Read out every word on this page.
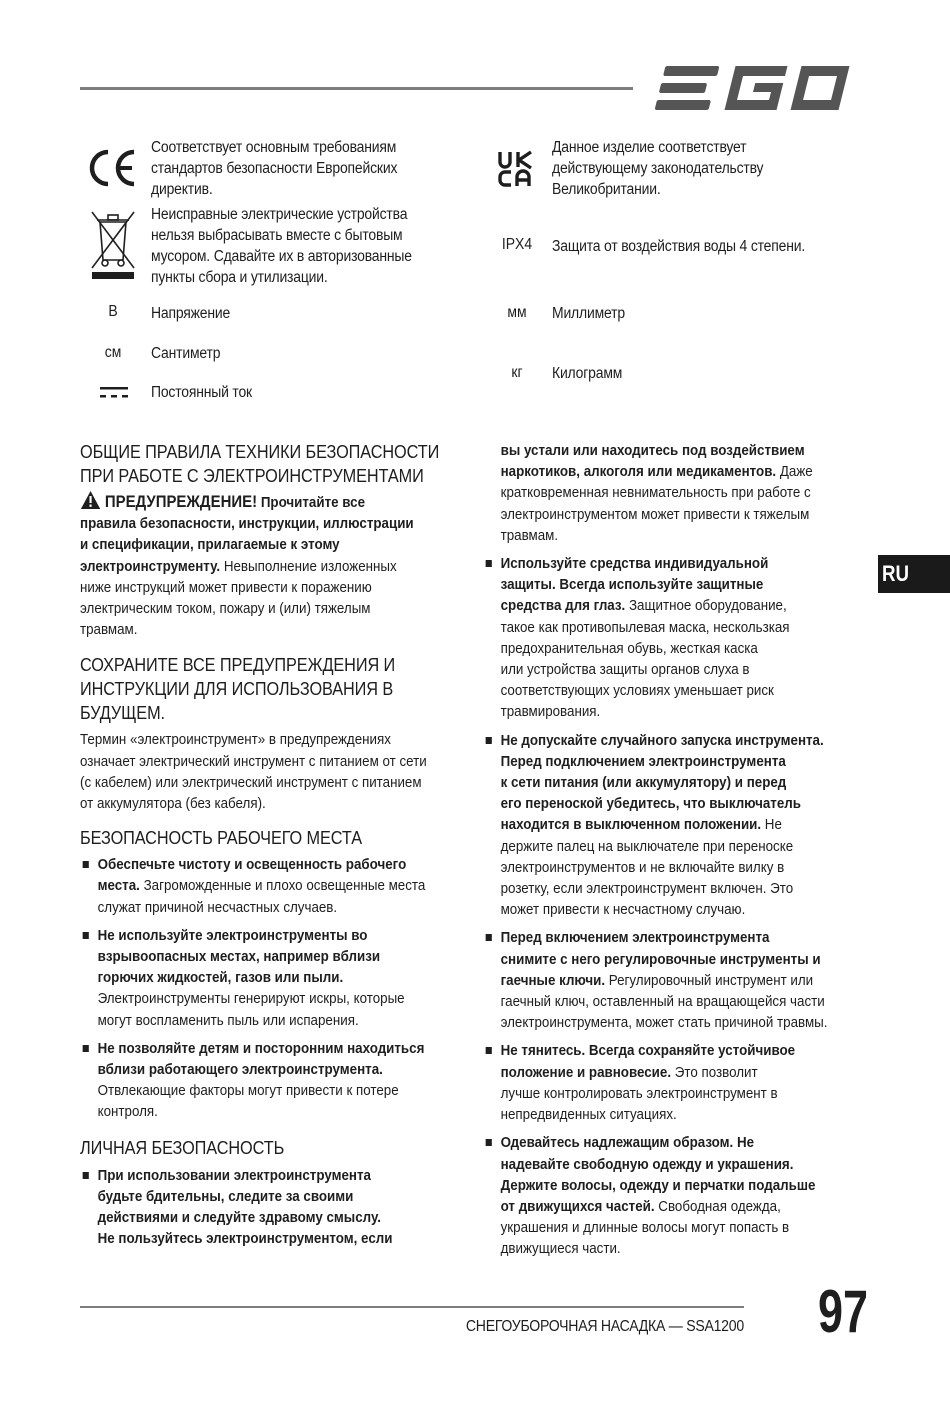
Соответствует основным требованиям
стандартов безопасности Европейских
директив.
Неисправные электрические устройства
нельзя выбрасывать вместе с бытовым
мусором. Сдавайте их в авторизованные
пункты сбора и утилизации.
В	Напряжение
см	Сантиметр
Постоянный ток
Данное изделие соответствует
действующему законодательству
Великобритании.
IPX4 Защита от воздействия воды 4 степени.
мм	Миллиметр
кг	Килограмм
ОБЩИЕ ПРАВИЛА ТЕХНИКИ БЕЗОПАСНОСТИ
ПРИ РАБОТЕ С ЭЛЕКТРОИНСТРУМЕНТАМИ

ПРЕДУПРЕЖДЕНИЕ! Прочитайте все
правила безопасности, инструкции, иллюстрации
и спецификации, прилагаемые к этому
электроинструменту. Невыполнение изложенных
ниже инструкций может привести к поражению
электрическим током, пожару и (или) тяжелым
травмам.

СОХРАНИТЕ ВСЕ ПРЕДУПРЕЖДЕНИЯ И
ИНСТРУКЦИИ ДЛЯ ИСПОЛЬЗОВАНИЯ В
БУДУЩЕМ.

Термин «электроинструмент» в предупреждениях
означает электрический инструмент с питанием от сети
(с кабелем) или электрический инструмент с питанием
от аккумулятора (без кабеля).

БЕЗОПАСНОСТЬ РАБОЧЕГО МЕСТА
Обеспечьте чистоту и освещенность рабочего
места. Загроможденные и плохо освещенные места
служат причиной несчастных случаев.
Не используйте электроинструменты во
взрывоопасных местах, например вблизи
горючих жидкостей, газов или пыли.
Электроинструменты генерируют искры, которые
могут воспламенить пыль или испарения.
Не позволяйте детям и посторонним находиться
вблизи работающего электроинструмента.
Отвлекающие факторы могут привести к потере
контроля.
ЛИЧНАЯ БЕЗОПАСНОСТЬ
При использовании электроинструмента
будьте бдительны, следите за своими
действиями и следуйте здравому смыслу.
Не пользуйтесь электроинструментом, если
вы устали или находитесь под воздействием
наркотиков, алкоголя или медикаментов. Даже
кратковременная невнимательность при работе с
электроинструментом может привести к тяжелым
травмам.
Используйте средства индивидуальной
защиты. Всегда используйте защитные
средства для глаз. Защитное оборудование,
такое как противопылевая маска, нескользкая
предохранительная обувь, жесткая каска
или устройства защиты органов слуха в
соответствующих условиях уменьшает риск
травмирования.
Не допускайте случайного запуска инструмента.
Перед подключением электроинструмента
к сети питания (или аккумулятору) и перед
его переноской убедитесь, что выключатель
находится в выключенном положении. Не
держите палец на выключателе при переноске
электроинструментов и не включайте вилку в
розетку, если электроинструмент включен. Это
может привести к несчастному случаю.
Перед включением электроинструмента
снимите с него регулировочные инструменты и
гаечные ключи. Регулировочный инструмент или
гаечный ключ, оставленный на вращающейся части
электроинструмента, может стать причиной травмы.
Не тянитесь. Всегда сохраняйте устойчивое
положение и равновесие. Это позволит
лучше контролировать электроинструмент в
непредвиденных ситуациях.
Одевайтесь надлежащим образом. Не
надевайте свободную одежду и украшения.
Держите волосы, одежду и перчатки подальше
от движущихся частей. Свободная одежда,
украшения и длинные волосы могут попасть в
движущиеся части.
RU
СНЕГОУБОРОЧНАЯ НАСАДКА — SSA1200 97
